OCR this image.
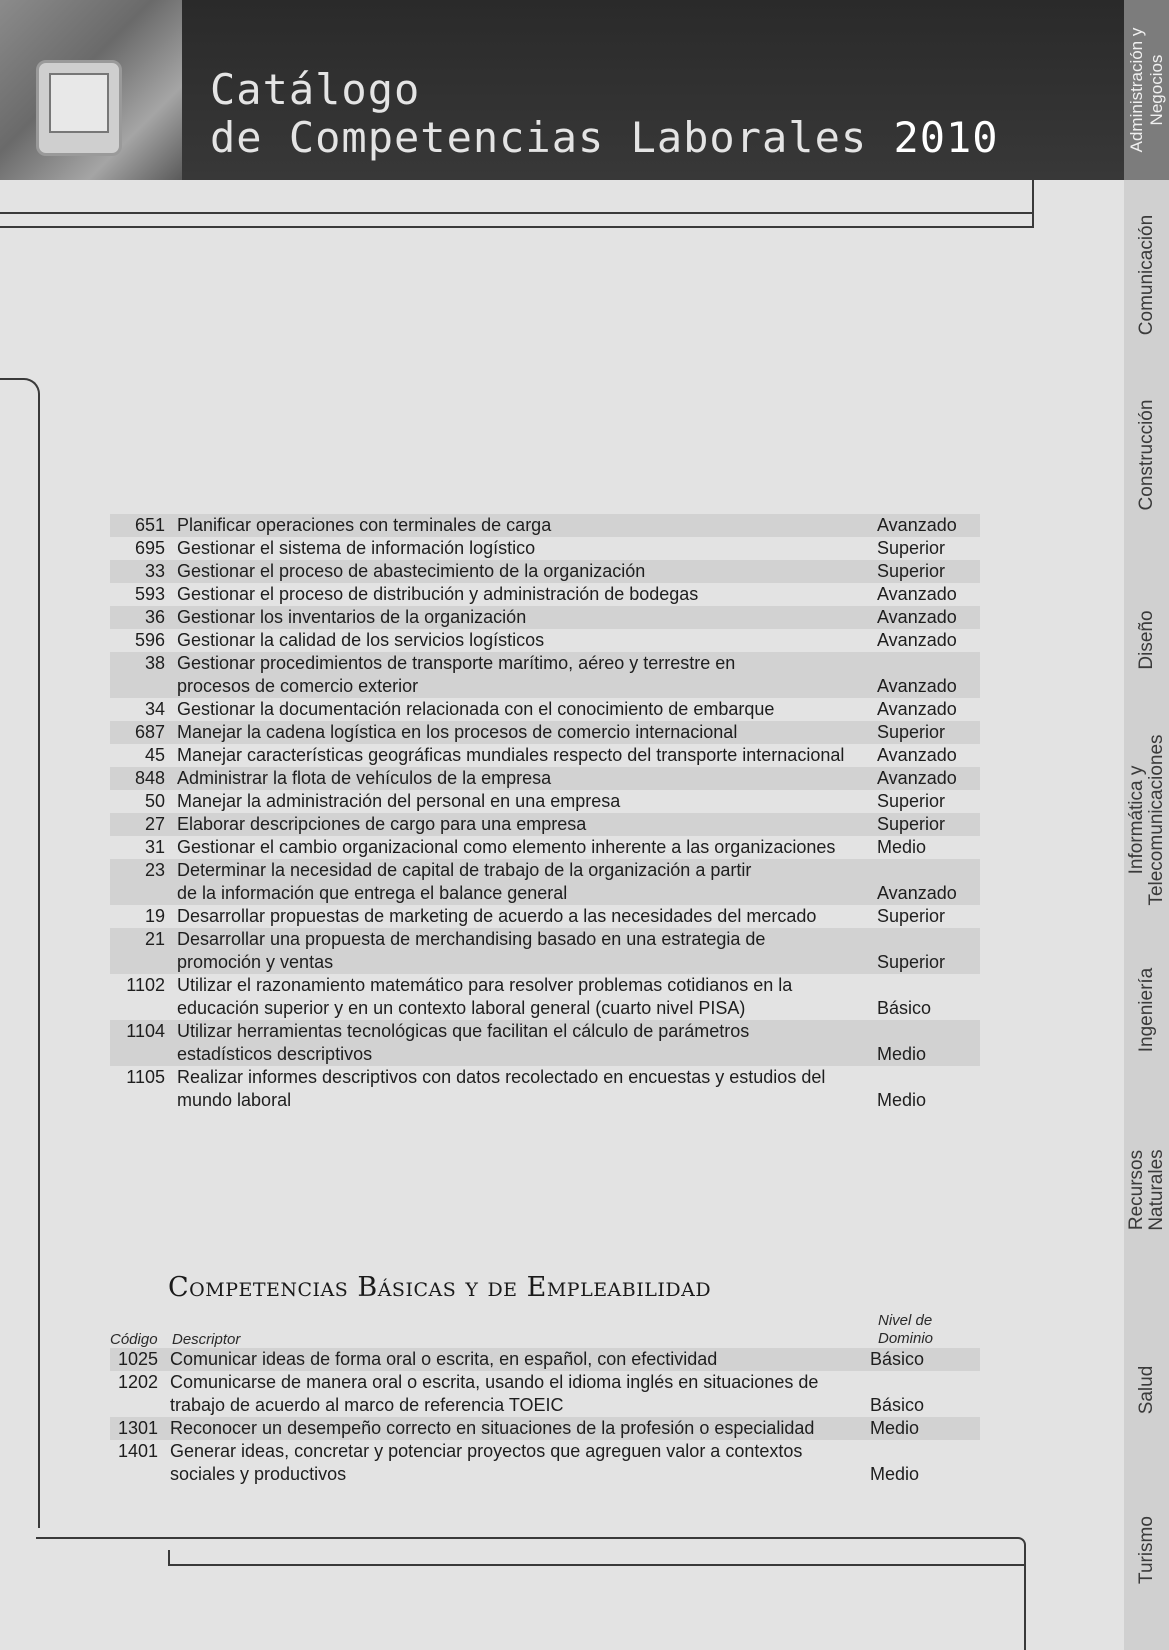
Catálogo
de Competencias Laborales 2010	Administración y Negocios
Comunicación
Construcción
Diseño
Informática y Telecomunicaciones
Ingeniería
Recursos Naturales
Salud
Turismo
651 Planificar operaciones con terminales de carga	Avanzado
695 Gestionar el sistema de información logístico	Superior
33 Gestionar el proceso de abastecimiento de la organización	Superior
593 Gestionar el proceso de distribución y administración de bodegas	Avanzado
36 Gestionar los inventarios de la organización	Avanzado
596 Gestionar la calidad de los servicios logísticos	Avanzado
38 Gestionar procedimientos de transporte marítimo, aéreo y terrestre en
procesos de comercio exterior	Avanzado
34 Gestionar la documentación relacionada con el conocimiento de embarque	Avanzado
687 Manejar la cadena logística en los procesos de comercio internacional	Superior
45 Manejar características geográficas mundiales respecto del transporte internacional	Avanzado
848 Administrar la flota de vehículos de la empresa	Avanzado
50 Manejar la administración del personal en una empresa	Superior
27 Elaborar descripciones de cargo para una empresa	Superior
31 Gestionar el cambio organizacional como elemento inherente a las organizaciones	Medio
23 Determinar la necesidad de capital de trabajo de la organización a partir
de la información que entrega el balance general	Avanzado
19 Desarrollar propuestas de marketing de acuerdo a las necesidades del mercado	Superior
21 Desarrollar una propuesta de merchandising basado en una estrategia de
promoción y ventas	Superior
1102 Utilizar el razonamiento matemático para resolver problemas cotidianos en la
educación superior y en un contexto laboral general (cuarto nivel PISA)	Básico
1104 Utilizar herramientas tecnológicas que facilitan el cálculo de parámetros
estadísticos descriptivos	Medio
1105 Realizar informes descriptivos con datos recolectado en encuestas y estudios del
mundo laboral	Medio
Competencias Básicas y de Empleabilidad
Código Descriptor
Nivel de
Dominio
1025 Comunicar ideas de forma oral o escrita, en español, con efectividad	Básico
1202 Comunicarse de manera oral o escrita, usando el idioma inglés en situaciones de
trabajo de acuerdo al marco de referencia TOEIC	Básico
1301 Reconocer un desempeño correcto en situaciones de la profesión o especialidad	Medio
1401 Generar ideas, concretar y potenciar proyectos que agreguen valor a contextos
sociales y productivos	Medio
